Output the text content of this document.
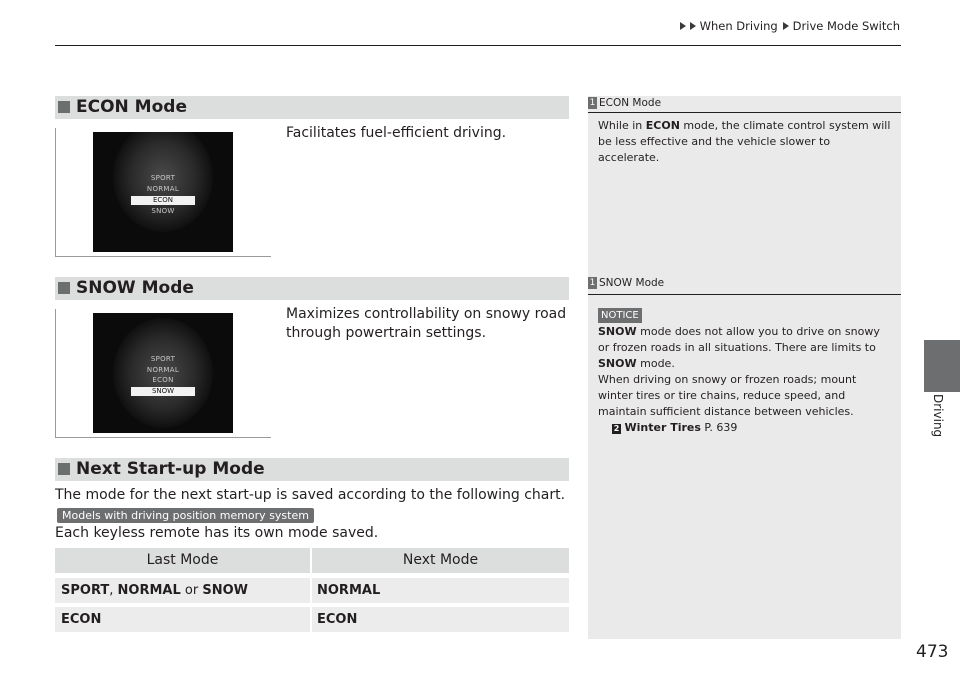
When Driving Drive Mode Switch
Driving
ECON Mode
SPORT
NORMAL
ECON
SNOW
Facilitates fuel-efficient driving.
SNOW Mode
SPORT
NORMAL
ECON
SNOW
Maximizes controllability on snowy road
through powertrain settings.
Next Start-up Mode
The mode for the next start-up is saved according to the following chart.
Models with driving position memory system
Each keyless remote has its own mode saved.
Last Mode	Next Mode
SPORT, NORMAL or SNOW	NORMAL
ECON	ECON
1 ECON Mode
While in ECON mode, the climate control system will be less effective and the vehicle slower to accelerate.
1 SNOW Mode
NOTICE
SNOW mode does not allow you to drive on snowy or frozen roads in all situations. There are limits to SNOW mode.
When driving on snowy or frozen roads; mount winter tires or tire chains, reduce speed, and maintain sufficient distance between vehicles.
2 Winter Tires P. 639
473
